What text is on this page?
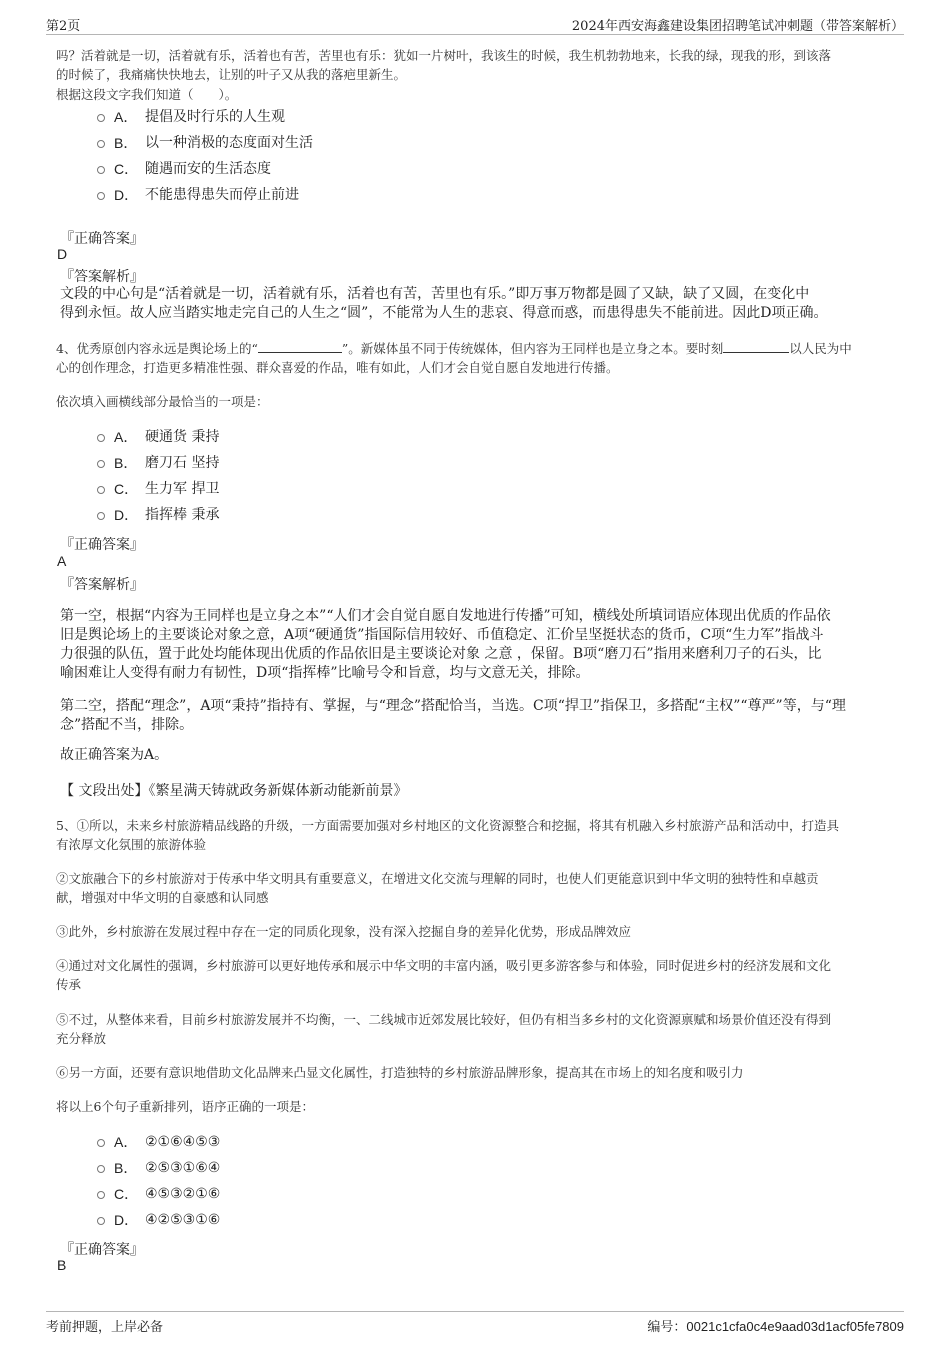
第2页	2024年西安海鑫建设集团招聘笔试冲刺题（带答案解析）
吗？活着就是一切，活着就有乐，活着也有苦，苦里也有乐：犹如一片树叶，我该生的时候，我生机勃勃地来，长我的绿，现我的形，到该落
的时候了，我痛痛快快地去，让别的叶子又从我的落疤里新生。
根据这段文字我们知道（　　）。
A． 提倡及时行乐的人生观
B． 以一种消极的态度面对生活
C． 随遇而安的生活态度
D． 不能患得患失而停止前进
『正确答案』
D
『答案解析』
文段的中心句是“活着就是一切，活着就有乐，活着也有苦，苦里也有乐。”即万事万物都是圆了又缺，缺了又圆，在变化中
得到永恒。故人应当踏实地走完自己的人生之“圆”，不能常为人生的悲哀、得意而惑，而患得患失不能前进。因此D项正确。
4、优秀原创内容永远是舆论场上的“	”。新媒体虽不同于传统媒体，但内容为王同样也是立身之本。要时刻	以人民为中
心的创作理念，打造更多精准性强、群众喜爱的作品，唯有如此，人们才会自觉自愿自发地进行传播。
依次填入画横线部分最恰当的一项是：
A． 硬通货 秉持
B． 磨刀石 坚持
C． 生力军 捍卫
D． 指挥棒 秉承
『正确答案』
A
『答案解析』
第一空，根据“内容为王同样也是立身之本”“人们才会自觉自愿自发地进行传播”可知，横线处所填词语应体现出优质的作品依
旧是舆论场上的主要谈论对象之意，A项“硬通货”指国际信用较好、币值稳定、汇价呈坚挺状态的货币，C项“生力军”指战斗
力很强的队伍，置于此处均能体现出优质的作品依旧是主要谈论对象 之意 ，保留。B项“磨刀石”指用来磨利刀子的石头，比
喻困难让人变得有耐力有韧性，D项“指挥棒”比喻号令和旨意，均与文意无关，排除。
第二空，搭配“理念”，A项“秉持”指持有、掌握，与“理念”搭配恰当，当选。C项“捍卫”指保卫，多搭配“主权”“尊严”等，与“理
念”搭配不当，排除。
故正确答案为A。
【 文段出处】《繁星满天铸就政务新媒体新动能新前景》
5、①所以，未来乡村旅游精品线路的升级，一方面需要加强对乡村地区的文化资源整合和挖掘，将其有机融入乡村旅游产品和活动中，打造具
有浓厚文化氛围的旅游体验
②文旅融合下的乡村旅游对于传承中华文明具有重要意义，在增进文化交流与理解的同时，也使人们更能意识到中华文明的独特性和卓越贡
献，增强对中华文明的自豪感和认同感
③此外，乡村旅游在发展过程中存在一定的同质化现象，没有深入挖掘自身的差异化优势，形成品牌效应
④通过对文化属性的强调，乡村旅游可以更好地传承和展示中华文明的丰富内涵，吸引更多游客参与和体验，同时促进乡村的经济发展和文化
传承
⑤不过，从整体来看，目前乡村旅游发展并不均衡，一、二线城市近郊发展比较好，但仍有相当多乡村的文化资源禀赋和场景价值还没有得到
充分释放
⑥另一方面，还要有意识地借助文化品牌来凸显文化属性，打造独特的乡村旅游品牌形象，提高其在市场上的知名度和吸引力
将以上6个句子重新排列，语序正确的一项是：
A． ②①⑥④⑤③
B． ②⑤③①⑥④
C． ④⑤③②①⑥
D． ④②⑤③①⑥
『正确答案』
B
考前押题，上岸必备	编号：0021c1cfa0c4e9aad03d1acf05fe7809
